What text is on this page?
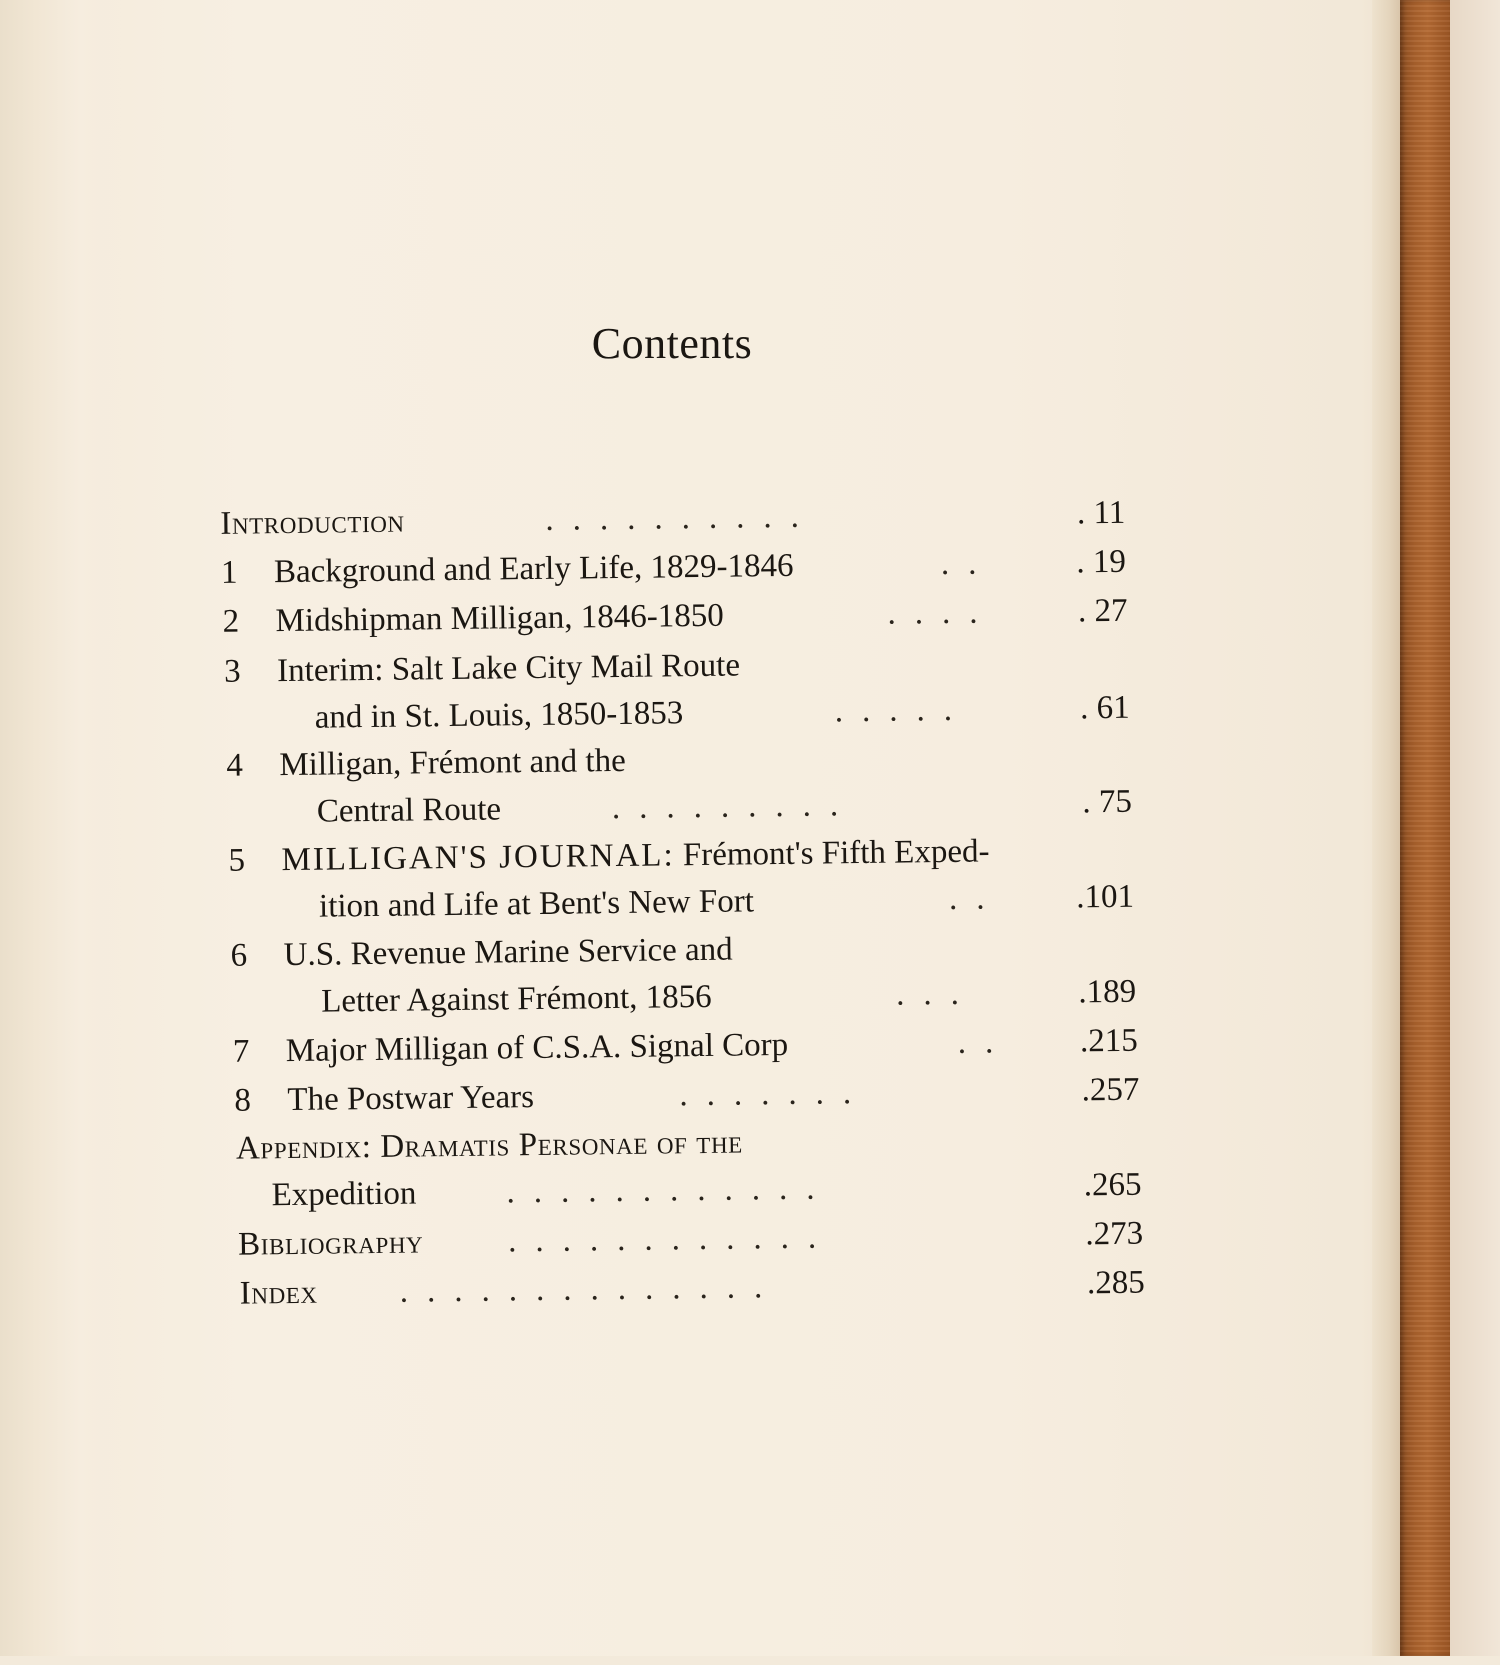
Contents
Introduction	..........	. 11
1	Background and Early Life, 1829-1846	.. . 19
2	Midshipman Milligan, 1846-1850	.... . 27
3	Interim: Salt Lake City Mail Route
and in St. Louis, 1850-1853	.....	. 61
4	Milligan, Frémont and the
Central Route	.........	. 75
5	MILLIGAN'S JOURNAL: Frémont's Fifth Exped-
ition and Life at Bent's New Fort	.. .101
6	U.S. Revenue Marine Service and
Letter Against Frémont, 1856	...	.189
7	Major Milligan of C.S.A. Signal Corp	.. .215
8	The Postwar Years	.......	.257
Appendix: Dramatis Personae of the
Expedition	............	.265
Bibliography	............	.273
Index ..............	.285
